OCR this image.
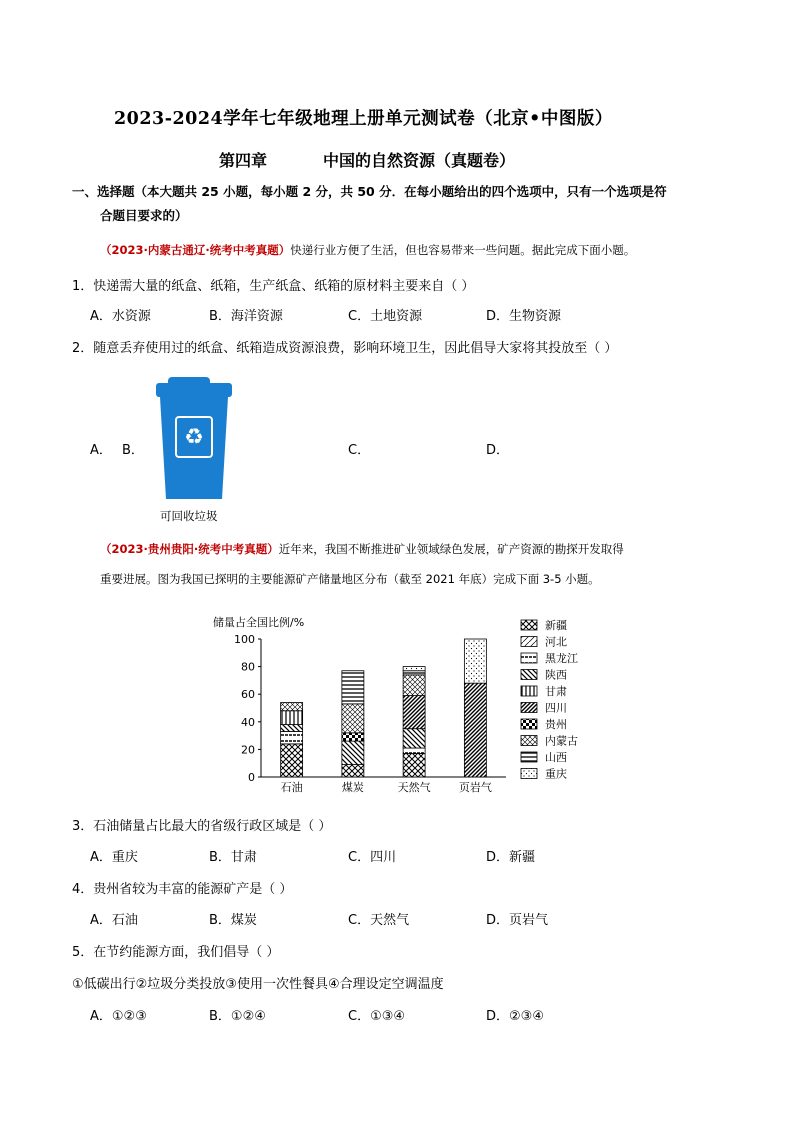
2023-2024学年七年级地理上册单元测试卷（北京•中图版）
第四章	中国的自然资源（真题卷）
一、选择题（本大题共 25 小题，每小题 2 分，共 50 分．在每小题给出的四个选项中，只有一个选项是符
合题目要求的）
（2023·内蒙古通辽·统考中考真题）快递行业方便了生活，但也容易带来一些问题。据此完成下面小题。
1．快递需大量的纸盒、纸箱，生产纸盒、纸箱的原材料主要来自（ ）
A．水资源	B．海洋资源	C．土地资源	D．生物资源
2．随意丢弃使用过的纸盒、纸箱造成资源浪费，影响环境卫生，因此倡导大家将其投放至（ ）
A． B．	C．	D．
♻
可回收垃圾
（2023·贵州贵阳·统考中考真题）近年来，我国不断推进矿业领域绿色发展，矿产资源的勘探开发取得
重要进展。图为我国已探明的主要能源矿产储量地区分布（截至 2021 年底）完成下面 3-5 小题。
储量占全国比例/%
0
20
40
60
80
100
石油	煤炭	天然气	页岩气
新疆
河北
黑龙江
陕西
甘肃
四川
贵州
内蒙古
山西
重庆
3．石油储量占比最大的省级行政区域是（ ）
A．重庆	B．甘肃	C．四川	D．新疆
4．贵州省较为丰富的能源矿产是（ ）
A．石油	B．煤炭	C．天然气	D．页岩气
5．在节约能源方面，我们倡导（ ）
①低碳出行②垃圾分类投放③使用一次性餐具④合理设定空调温度
A．①②③	B．①②④	C．①③④	D．②③④
